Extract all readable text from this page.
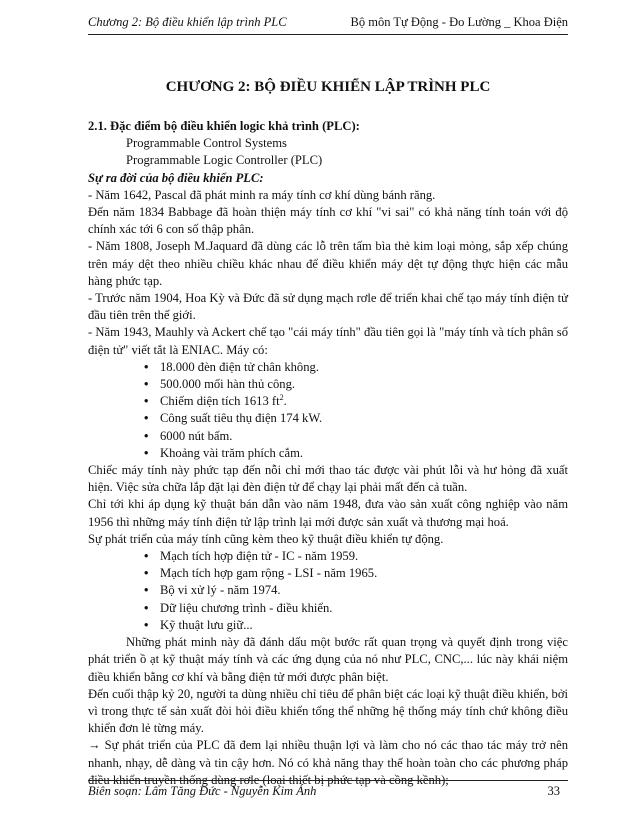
Chương 2: Bộ điều khiển lập trình PLC	Bộ môn Tự Động - Đo Lường _ Khoa Điện
CHƯƠNG 2: BỘ ĐIỀU KHIỂN LẬP TRÌNH PLC

2.1. Đặc điểm bộ điều khiển logic khả trình (PLC):

Programmable Control Systems

Programmable Logic Controller (PLC)

Sự ra đời của bộ điều khiển PLC:

- Năm 1642, Pascal đã phát minh ra máy tính cơ khí dùng bánh răng.

Đến năm 1834 Babbage đã hoàn thiện máy tính cơ khí "vi sai" có khả năng tính toán với độ chính xác tới 6 con số thập phân.

- Năm 1808, Joseph M.Jaquard đã dùng các lỗ trên tấm bìa thẻ kim loại mỏng, sắp xếp chúng trên máy dệt theo nhiều chiều khác nhau để điều khiển máy dệt tự động thực hiện các mẫu hàng phức tạp.

- Trước năm 1904, Hoa Kỳ và Đức đã sử dụng mạch rơle để triển khai chế tạo máy tính điện tử đầu tiên trên thế giới.

- Năm 1943, Mauhly và Ackert chế tạo "cái máy tính" đầu tiên gọi là "máy tính và tích phân số điện tử" viết tắt là ENIAC. Máy có:

• 18.000 đèn điện tử chân không.
• 500.000 mối hàn thủ công.
• Chiếm diện tích 1613 $ft^2$.
• Công suất tiêu thụ điện 174 kW.
• 6000 nút bấm.
• Khoảng vài trăm phích cắm.

Chiếc máy tính này phức tạp đến nỗi chỉ mới thao tác được vài phút lỗi và hư hỏng đã xuất hiện. Việc sửa chữa lắp đặt lại đèn điện tử để chạy lại phải mất đến cả tuần.

Chỉ tới khi áp dụng kỹ thuật bán dẫn vào năm 1948, đưa vào sản xuất công nghiệp vào năm 1956 thì những máy tính điện tử lập trình lại mới được sản xuất và thương mại hoá.

Sự phát triển của máy tính cũng kèm theo kỹ thuật điều khiển tự động.

• Mạch tích hợp điện tử - IC - năm 1959.
• Mạch tích hợp gam rộng - LSI - năm 1965.
• Bộ vi xử lý - năm 1974.
• Dữ liệu chương trình - điều khiển.
• Kỹ thuật lưu giữ...

Những phát minh này đã đánh dấu một bước rất quan trọng và quyết định trong việc phát triển ồ ạt kỹ thuật máy tính và các ứng dụng của nó như PLC, CNC,... lúc này khái niệm điều khiển bằng cơ khí và bằng điện tử mới được phân biệt.

Đến cuối thập kỷ 20, người ta dùng nhiều chỉ tiêu để phân biệt các loại kỹ thuật điều khiển, bởi vì trong thực tế sản xuất đòi hỏi điều khiển tổng thể những hệ thống máy tính chứ không điều khiển đơn lẻ từng máy.

→ Sự phát triển của PLC đã đem lại nhiều thuận lợi và làm cho nó các thao tác máy trở nên nhanh, nhạy, dễ dàng và tin cậy hơn. Nó có khả năng thay thế hoàn toàn cho các phương pháp điều khiển truyền thống dùng rơle (loại thiết bị phức tạp và cồng kềnh);

Biên soạn: Lâm Tăng Đức - Nguyễn Kim Ánh	33
